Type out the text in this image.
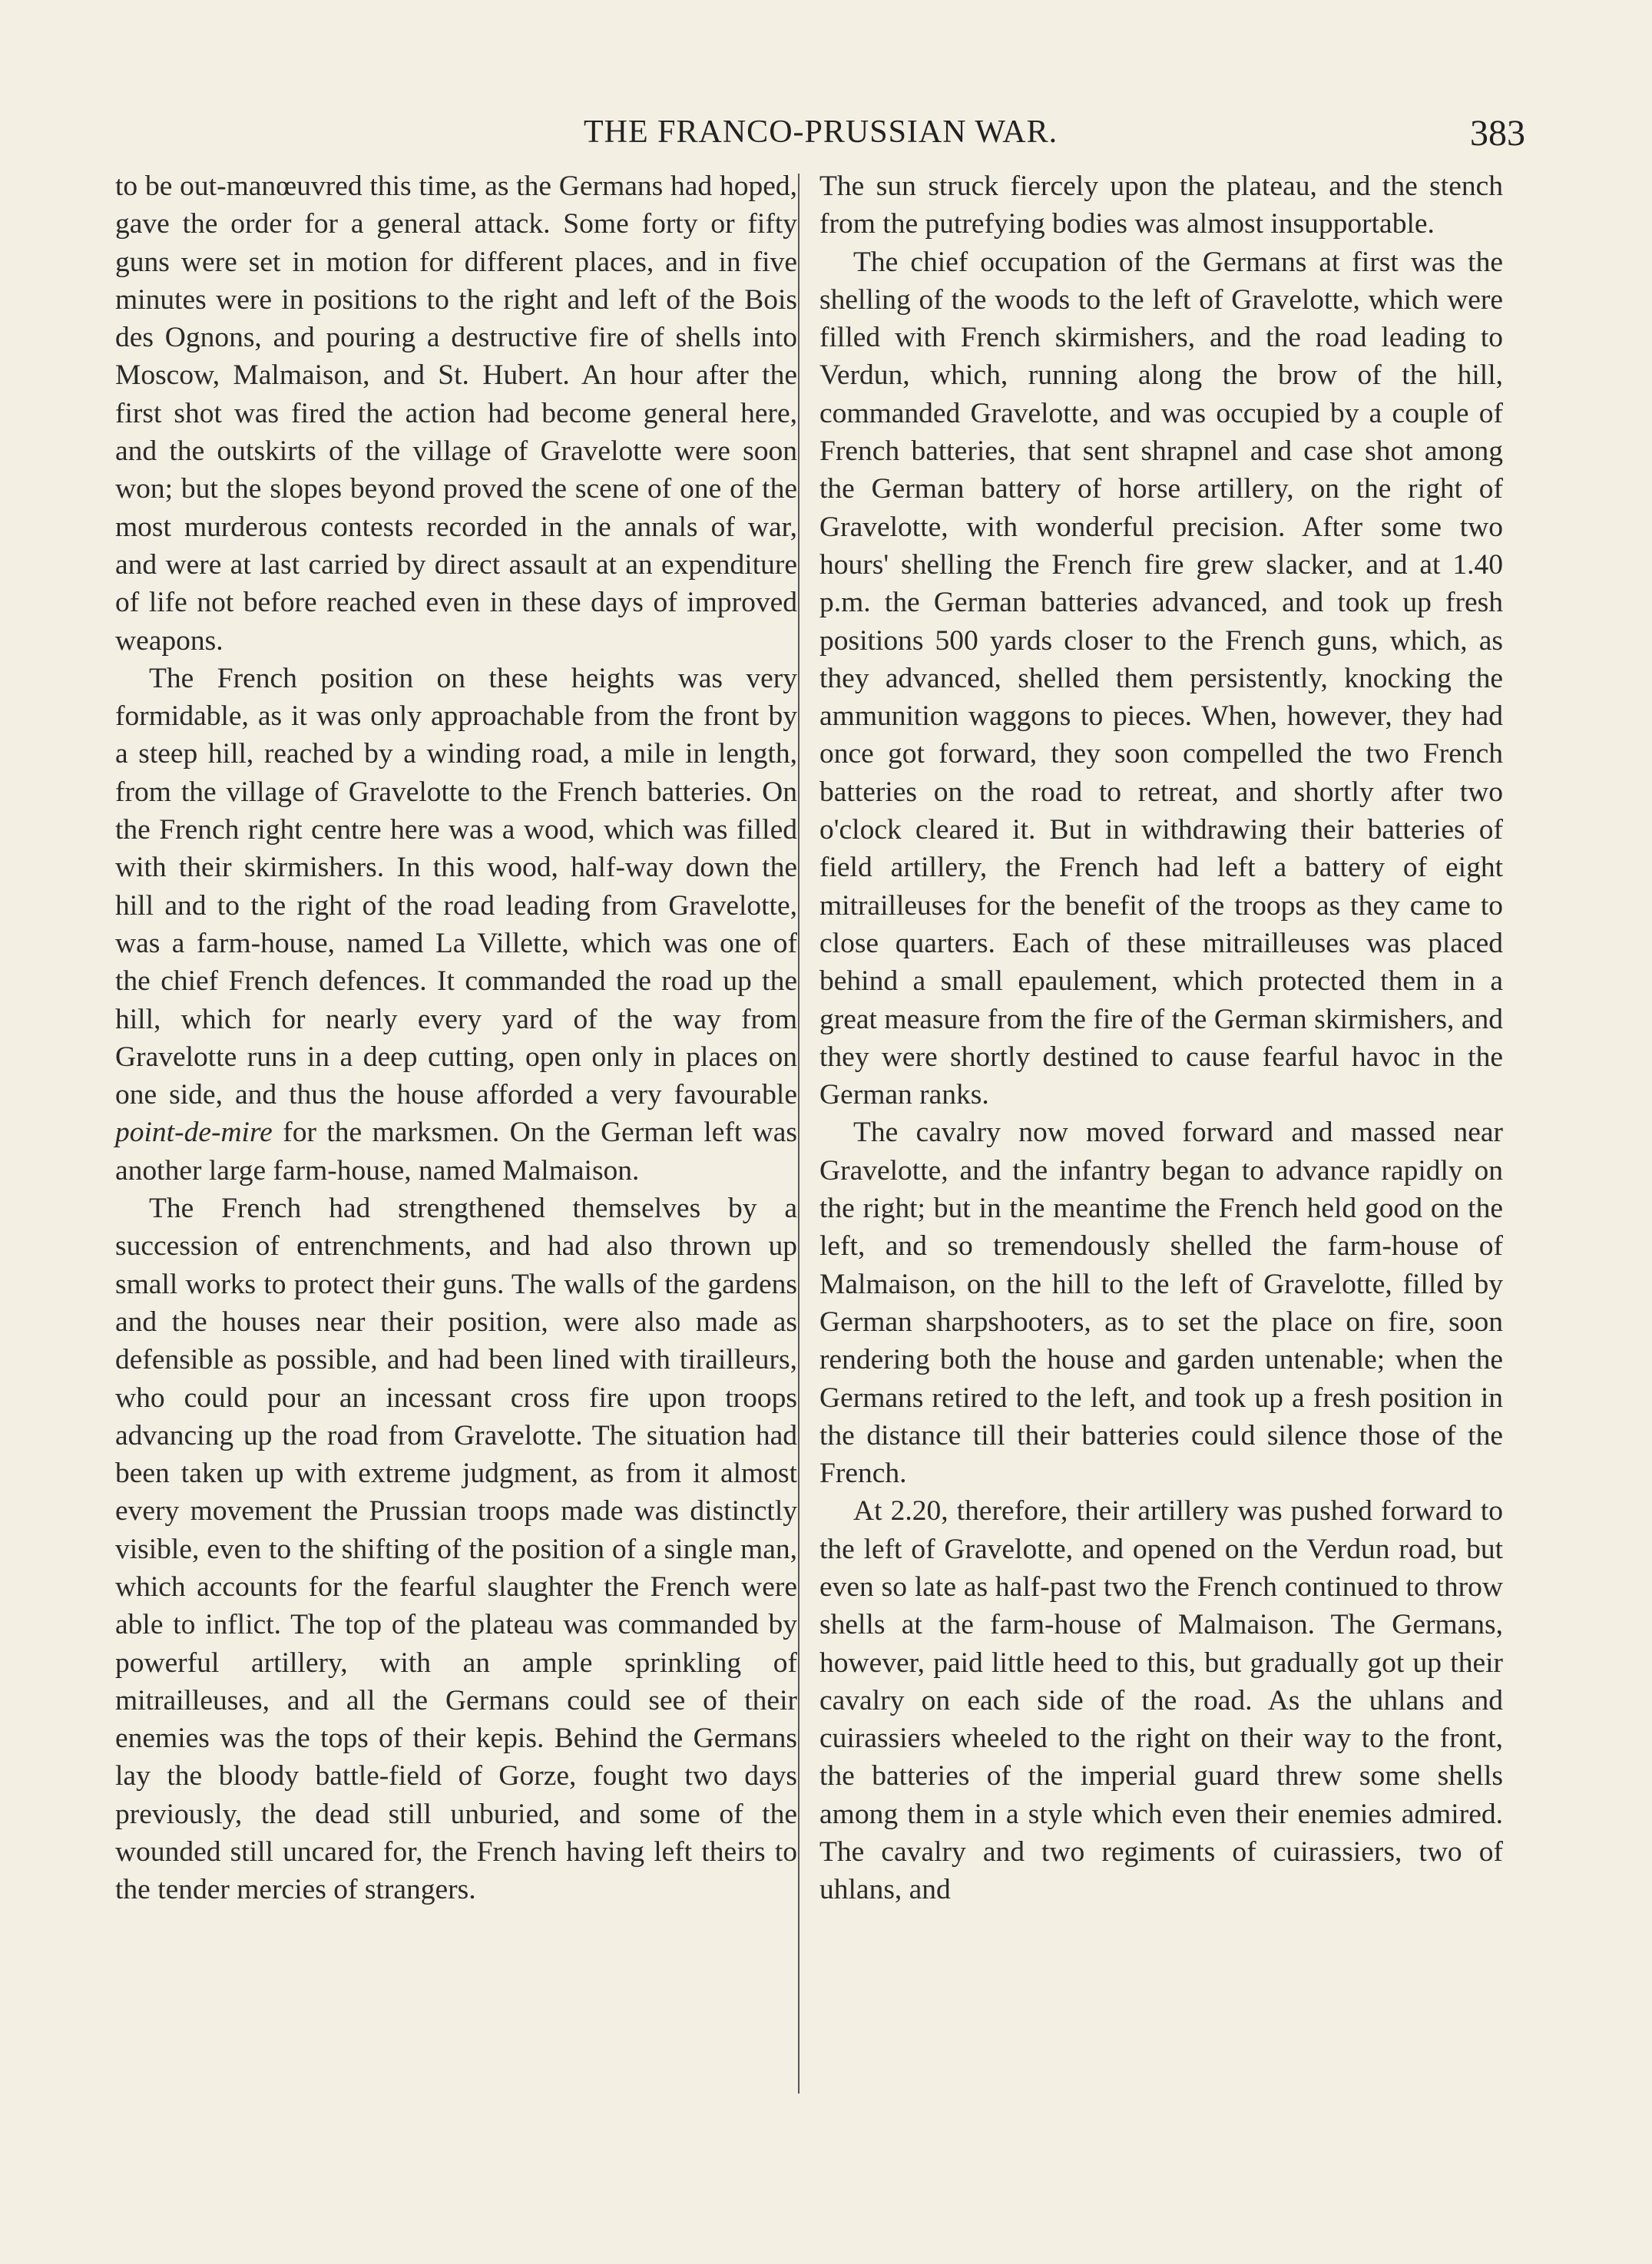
THE FRANCO-PRUSSIAN WAR.	383

to be out-manœuvred this time, as the Germans had hoped, gave the order for a general attack. Some forty or fifty guns were set in motion for different places, and in five minutes were in positions to the right and left of the Bois des Ognons, and pouring a destructive fire of shells into Moscow, Malmaison, and St. Hubert. An hour after the first shot was fired the action had become general here, and the outskirts of the village of Gravelotte were soon won; but the slopes beyond proved the scene of one of the most murderous contests recorded in the annals of war, and were at last carried by direct assault at an expenditure of life not before reached even in these days of improved weapons.

The French position on these heights was very formidable, as it was only approachable from the front by a steep hill, reached by a winding road, a mile in length, from the village of Gravelotte to the French batteries. On the French right centre here was a wood, which was filled with their skirmishers. In this wood, half-way down the hill and to the right of the road leading from Gravelotte, was a farm-house, named La Villette, which was one of the chief French defences. It commanded the road up the hill, which for nearly every yard of the way from Gravelotte runs in a deep cutting, open only in places on one side, and thus the house afforded a very favourable point-de-mire for the marksmen. On the German left was another large farm-house, named Malmaison.

The French had strengthened themselves by a succession of entrenchments, and had also thrown up small works to protect their guns. The walls of the gardens and the houses near their position, were also made as defensible as possible, and had been lined with tirailleurs, who could pour an incessant cross fire upon troops advancing up the road from Gravelotte. The situation had been taken up with extreme judgment, as from it almost every movement the Prussian troops made was distinctly visible, even to the shifting of the position of a single man, which accounts for the fearful slaughter the French were able to inflict. The top of the plateau was commanded by powerful artillery, with an ample sprinkling of mitrailleuses, and all the Germans could see of their enemies was the tops of their kepis. Behind the Germans lay the bloody battle-field of Gorze, fought two days previously, the dead still unburied, and some of the wounded still uncared for, the French having left theirs to the tender mercies of strangers.

The sun struck fiercely upon the plateau, and the stench from the putrefying bodies was almost insupportable.

The chief occupation of the Germans at first was the shelling of the woods to the left of Gravelotte, which were filled with French skirmishers, and the road leading to Verdun, which, running along the brow of the hill, commanded Gravelotte, and was occupied by a couple of French batteries, that sent shrapnel and case shot among the German battery of horse artillery, on the right of Gravelotte, with wonderful precision. After some two hours' shelling the French fire grew slacker, and at 1.40 p.m. the German batteries advanced, and took up fresh positions 500 yards closer to the French guns, which, as they advanced, shelled them persistently, knocking the ammunition waggons to pieces. When, however, they had once got forward, they soon compelled the two French batteries on the road to retreat, and shortly after two o'clock cleared it. But in withdrawing their batteries of field artillery, the French had left a battery of eight mitrailleuses for the benefit of the troops as they came to close quarters. Each of these mitrailleuses was placed behind a small epaulement, which protected them in a great measure from the fire of the German skirmishers, and they were shortly destined to cause fearful havoc in the German ranks.

The cavalry now moved forward and massed near Gravelotte, and the infantry began to advance rapidly on the right; but in the meantime the French held good on the left, and so tremendously shelled the farm-house of Malmaison, on the hill to the left of Gravelotte, filled by German sharpshooters, as to set the place on fire, soon rendering both the house and garden untenable; when the Germans retired to the left, and took up a fresh position in the distance till their batteries could silence those of the French.

At 2.20, therefore, their artillery was pushed forward to the left of Gravelotte, and opened on the Verdun road, but even so late as half-past two the French continued to throw shells at the farm-house of Malmaison. The Germans, however, paid little heed to this, but gradually got up their cavalry on each side of the road. As the uhlans and cuirassiers wheeled to the right on their way to the front, the batteries of the imperial guard threw some shells among them in a style which even their enemies admired. The cavalry and two regiments of cuirassiers, two of uhlans, and
